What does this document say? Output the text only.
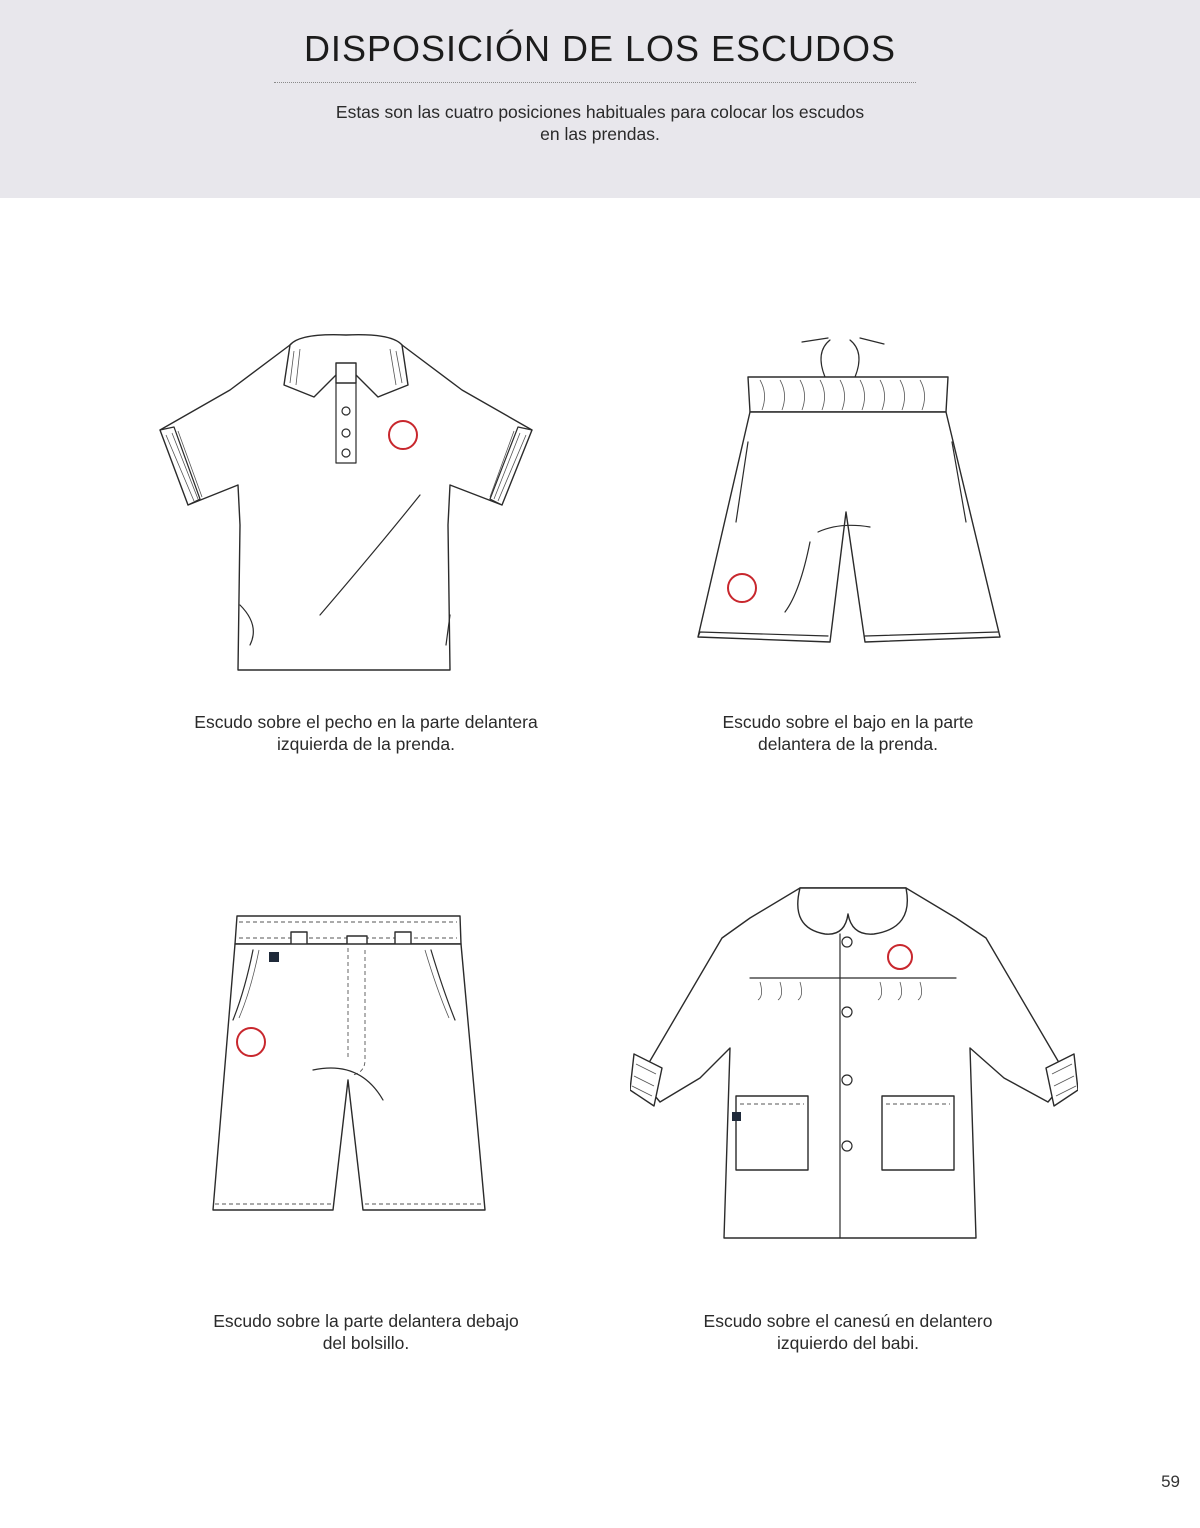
DISPOSICIÓN DE LOS ESCUDOS
Estas son las cuatro posiciones habituales para colocar los escudos
en las prendas.
Escudo sobre el pecho en la parte delantera
izquierda de la prenda.
Escudo sobre el bajo en la parte
delantera de la prenda.
Escudo sobre la parte delantera debajo
del bolsillo.
Escudo sobre el canesú en delantero
izquierdo del babi.
59
